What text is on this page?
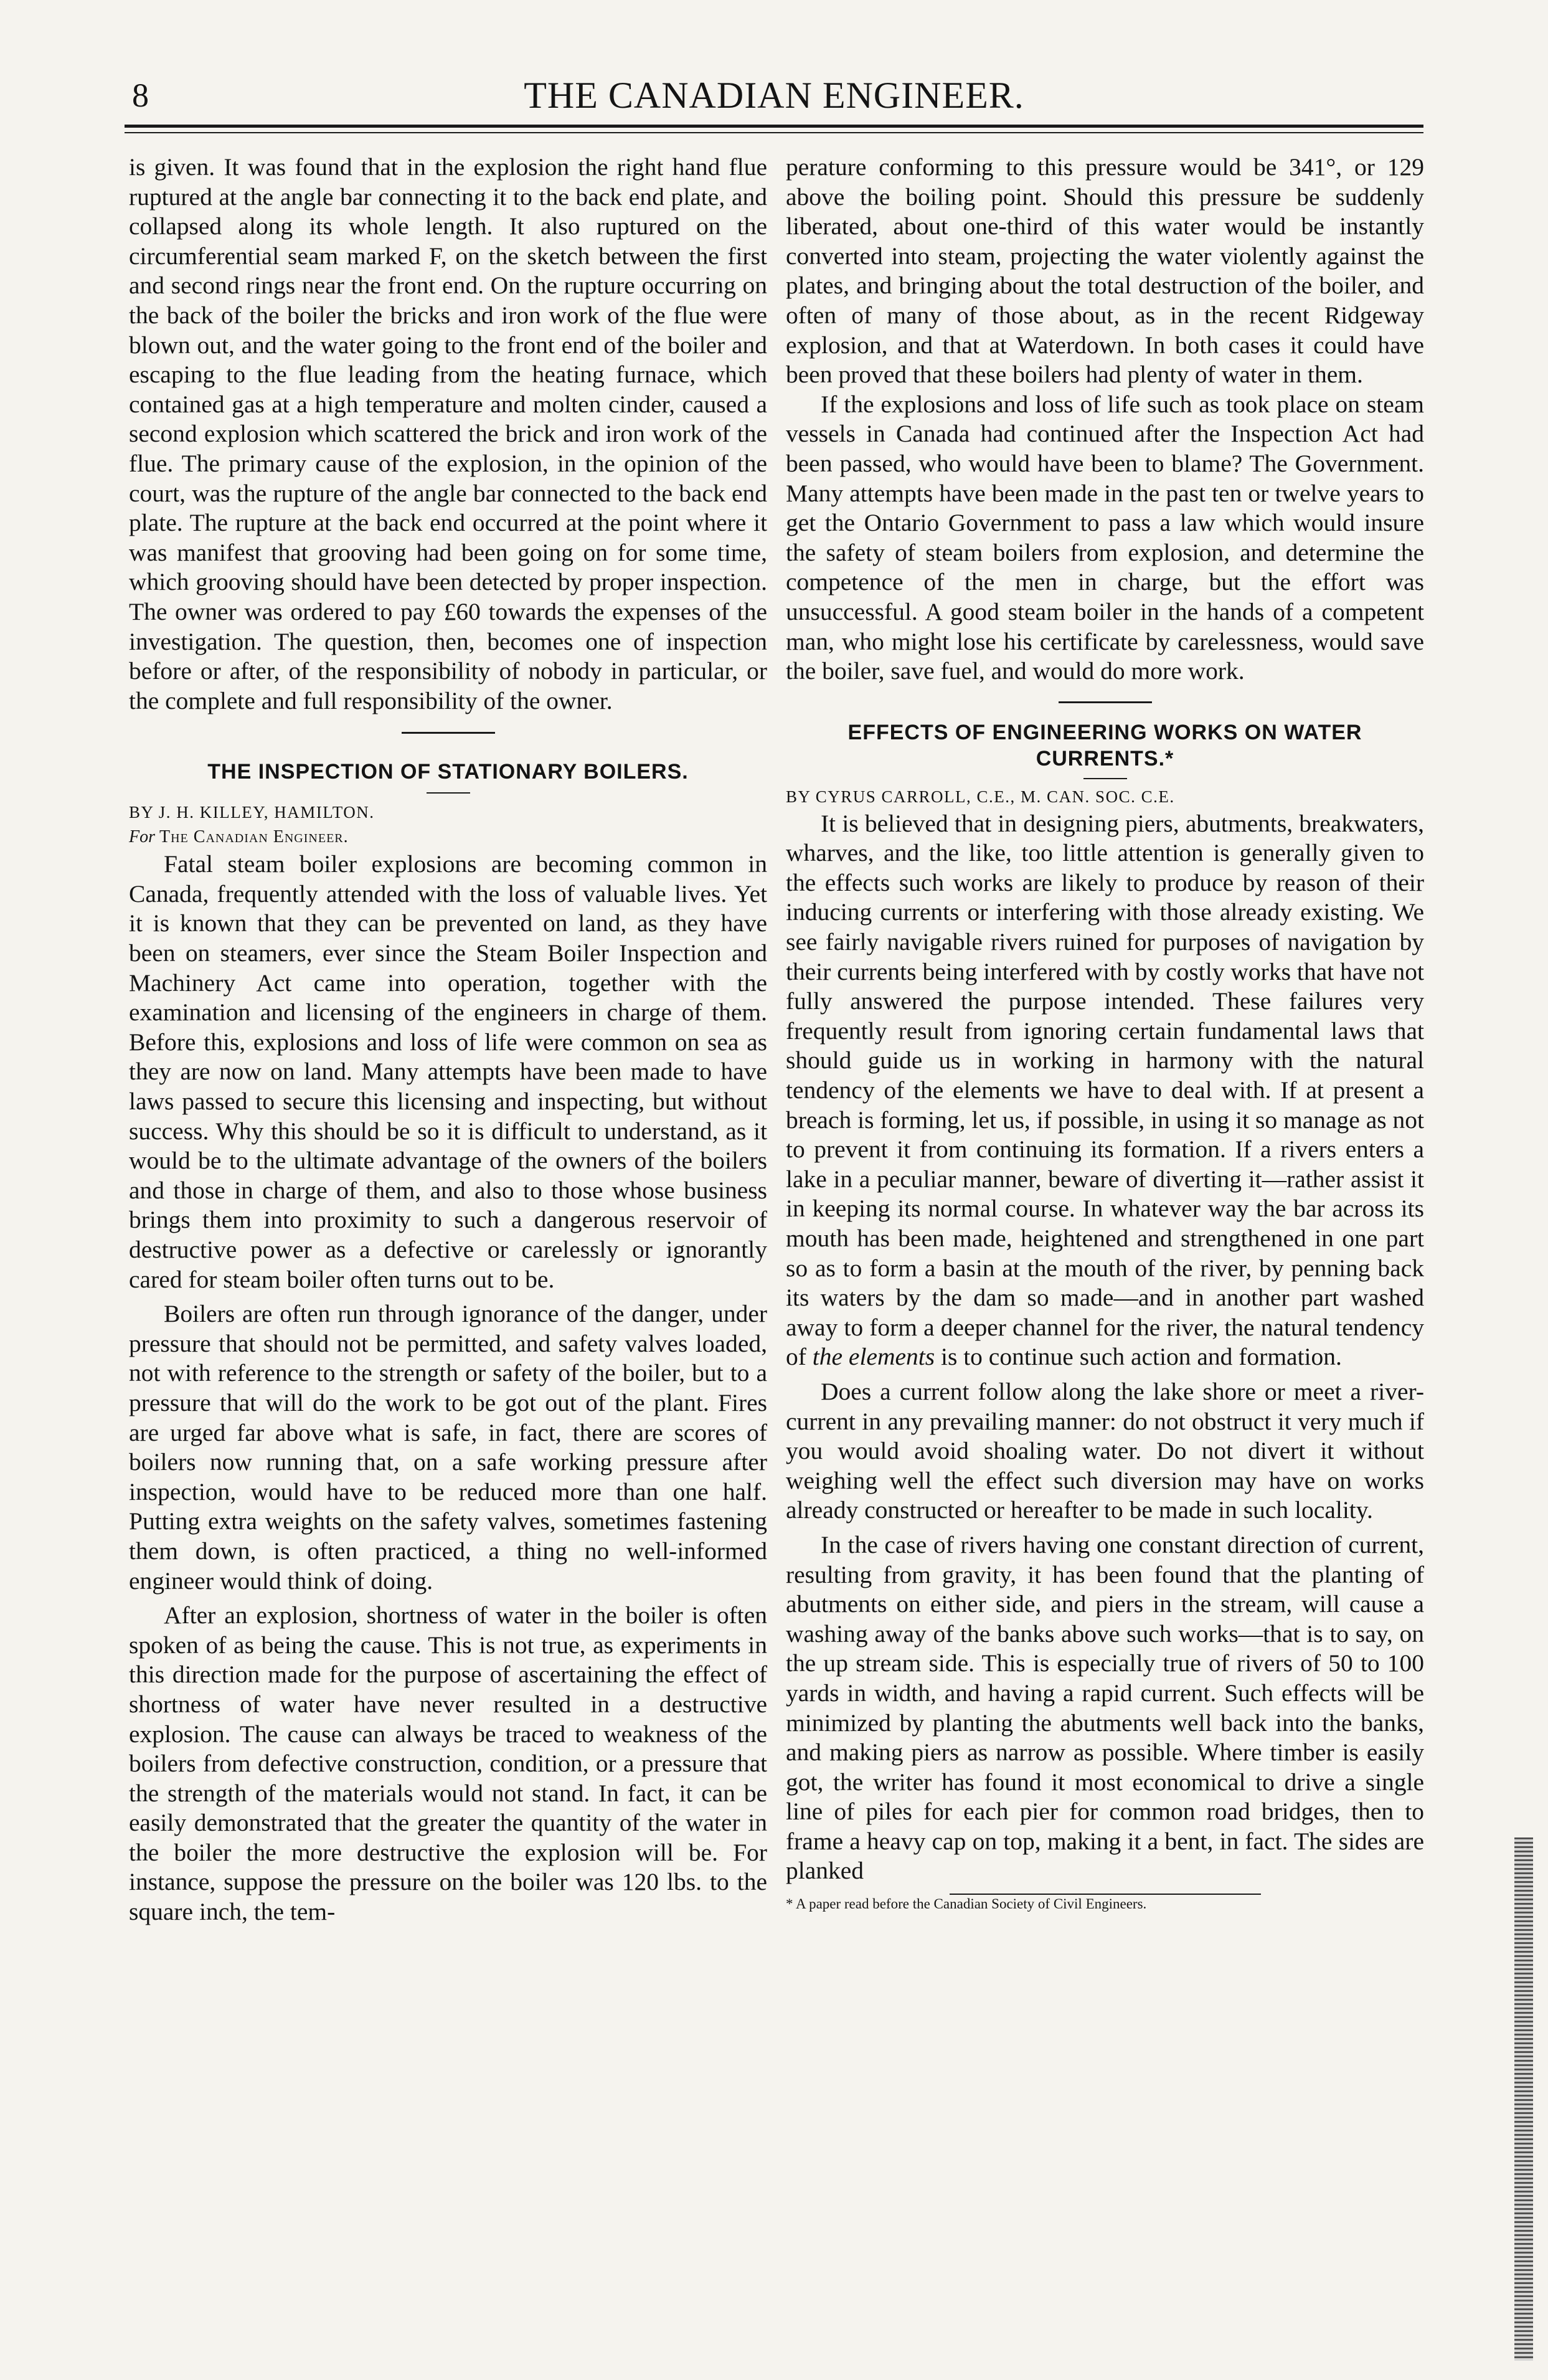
8	THE CANADIAN ENGINEER.

is given. It was found that in the explosion the right hand flue ruptured at the angle bar connecting it to the back end plate, and collapsed along its whole length. It also ruptured on the circumferential seam marked F, on the sketch between the first and second rings near the front end. On the rupture occurring on the back of the boiler the bricks and iron work of the flue were blown out, and the water going to the front end of the boiler and escaping to the flue leading from the heating furnace, which contained gas at a high temperature and molten cinder, caused a second explosion which scattered the brick and iron work of the flue. The primary cause of the explosion, in the opinion of the court, was the rupture of the angle bar connected to the back end plate. The rupture at the back end occurred at the point where it was manifest that grooving had been going on for some time, which grooving should have been detected by proper inspection. The owner was ordered to pay £60 towards the expenses of the investigation. The question, then, becomes one of inspection before or after, of the responsibility of nobody in particular, or the complete and full responsibility of the owner.

THE INSPECTION OF STATIONARY BOILERS.

BY J. H. KILLEY, HAMILTON.

For The Canadian Engineer.

Fatal steam boiler explosions are becoming common in Canada, frequently attended with the loss of valuable lives. Yet it is known that they can be prevented on land, as they have been on steamers, ever since the Steam Boiler Inspection and Machinery Act came into operation, together with the examination and licensing of the engineers in charge of them. Before this, explosions and loss of life were common on sea as they are now on land. Many attempts have been made to have laws passed to secure this licensing and inspecting, but without success. Why this should be so it is difficult to understand, as it would be to the ultimate advantage of the owners of the boilers and those in charge of them, and also to those whose business brings them into proximity to such a dangerous reservoir of destructive power as a defective or carelessly or ignorantly cared for steam boiler often turns out to be.

Boilers are often run through ignorance of the danger, under pressure that should not be permitted, and safety valves loaded, not with reference to the strength or safety of the boiler, but to a pressure that will do the work to be got out of the plant. Fires are urged far above what is safe, in fact, there are scores of boilers now running that, on a safe working pressure after inspection, would have to be reduced more than one half. Putting extra weights on the safety valves, sometimes fastening them down, is often practiced, a thing no well-informed engineer would think of doing.

After an explosion, shortness of water in the boiler is often spoken of as being the cause. This is not true, as experiments in this direction made for the purpose of ascertaining the effect of shortness of water have never resulted in a destructive explosion. The cause can always be traced to weakness of the boilers from defective construction, condition, or a pressure that the strength of the materials would not stand. In fact, it can be easily demonstrated that the greater the quantity of the water in the boiler the more destructive the explosion will be. For instance, suppose the pressure on the boiler was 120 lbs. to the square inch, the tem-

perature conforming to this pressure would be 341°, or 129 above the boiling point. Should this pressure be suddenly liberated, about one-third of this water would be instantly converted into steam, projecting the water violently against the plates, and bringing about the total destruction of the boiler, and often of many of those about, as in the recent Ridgeway explosion, and that at Waterdown. In both cases it could have been proved that these boilers had plenty of water in them.

If the explosions and loss of life such as took place on steam vessels in Canada had continued after the Inspection Act had been passed, who would have been to blame? The Government. Many attempts have been made in the past ten or twelve years to get the Ontario Government to pass a law which would insure the safety of steam boilers from explosion, and determine the competence of the men in charge, but the effort was unsuccessful. A good steam boiler in the hands of a competent man, who might lose his certificate by carelessness, would save the boiler, save fuel, and would do more work.

EFFECTS OF ENGINEERING WORKS ON WATER CURRENTS.*

BY CYRUS CARROLL, C.E., M. CAN. SOC. C.E.

It is believed that in designing piers, abutments, breakwaters, wharves, and the like, too little attention is generally given to the effects such works are likely to produce by reason of their inducing currents or interfering with those already existing. We see fairly navigable rivers ruined for purposes of navigation by their currents being interfered with by costly works that have not fully answered the purpose intended. These failures very frequently result from ignoring certain fundamental laws that should guide us in working in harmony with the natural tendency of the elements we have to deal with. If at present a breach is forming, let us, if possible, in using it so manage as not to prevent it from continuing its formation. If a rivers enters a lake in a peculiar manner, beware of diverting it—rather assist it in keeping its normal course. In whatever way the bar across its mouth has been made, heightened and strengthened in one part so as to form a basin at the mouth of the river, by penning back its waters by the dam so made—and in another part washed away to form a deeper channel for the river, the natural tendency of the elements is to continue such action and formation.

Does a current follow along the lake shore or meet a river-current in any prevailing manner: do not obstruct it very much if you would avoid shoaling water. Do not divert it without weighing well the effect such diversion may have on works already constructed or hereafter to be made in such locality.

In the case of rivers having one constant direction of current, resulting from gravity, it has been found that the planting of abutments on either side, and piers in the stream, will cause a washing away of the banks above such works—that is to say, on the up stream side. This is especially true of rivers of 50 to 100 yards in width, and having a rapid current. Such effects will be minimized by planting the abutments well back into the banks, and making piers as narrow as possible. Where timber is easily got, the writer has found it most economical to drive a single line of piles for each pier for common road bridges, then to frame a heavy cap on top, making it a bent, in fact. The sides are planked

* A paper read before the Canadian Society of Civil Engineers.
